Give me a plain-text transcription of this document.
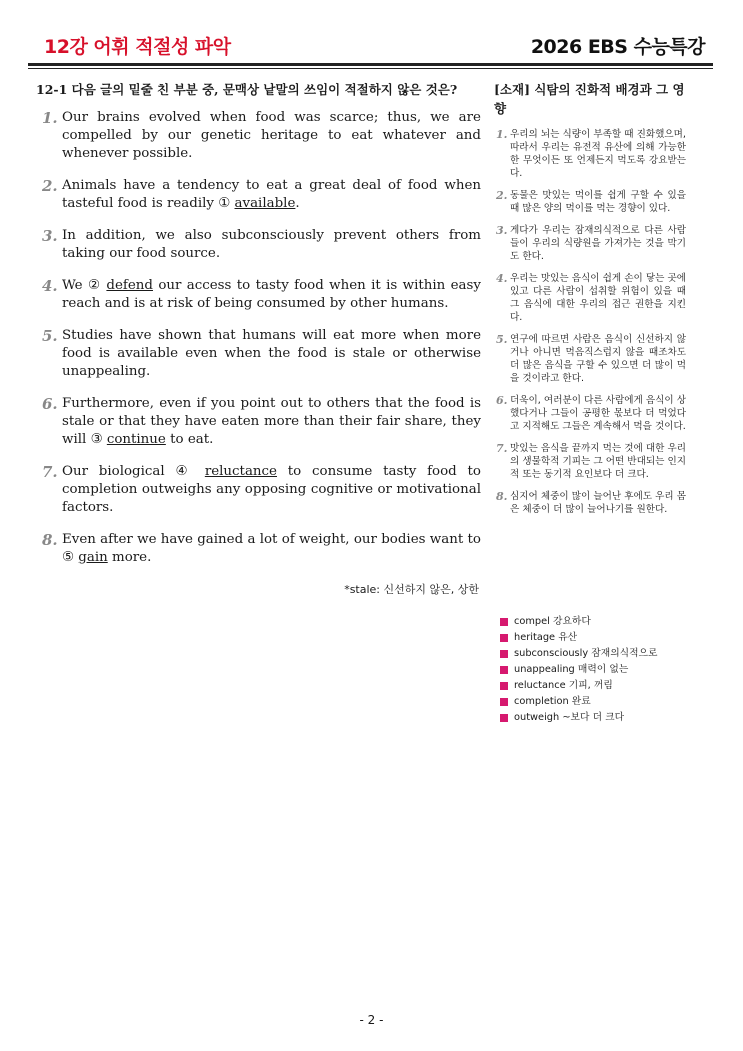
12강 어휘 적절성 파악	2026 EBS 수능특강
12-1 다음 글의 밑줄 친 부분 중, 문맥상 낱말의 쓰임이 적절하지 않은 것은?
1. Our brains evolved when food was scarce; thus, we are compelled by our genetic heritage to eat whatever and whenever possible.
2. Animals have a tendency to eat a great deal of food when tasteful food is readily ① available.
3. In addition, we also subconsciously prevent others from taking our food source.
4. We ② defend our access to tasty food when it is within easy reach and is at risk of being consumed by other humans.
5. Studies have shown that humans will eat more when more food is available even when the food is stale or otherwise unappealing.
6. Furthermore, even if you point out to others that the food is stale or that they have eaten more than their fair share, they will ③ continue to eat.
7. Our biological ④ reluctance to consume tasty food to completion outweighs any opposing cognitive or motivational factors.
8. Even after we have gained a lot of weight, our bodies want to ⑤ gain more.
*stale: 신선하지 않은, 상한
[소재] 식탐의 진화적 배경과 그 영향
1. 우리의 뇌는 식량이 부족할 때 진화했으며, 따라서 우리는 유전적 유산에 의해 가능한 한 무엇이든 또 언제든지 먹도록 강요받는다.
2. 동물은 맛있는 먹이를 쉽게 구할 수 있을 때 많은 양의 먹이를 먹는 경향이 있다.
3. 게다가 우리는 잠재의식적으로 다른 사람들이 우리의 식량원을 가져가는 것을 막기도 한다.
4. 우리는 맛있는 음식이 쉽게 손이 닿는 곳에 있고 다른 사람이 섭취할 위험이 있을 때 그 음식에 대한 우리의 접근 권한을 지킨다.
5. 연구에 따르면 사람은 음식이 신선하지 않거나 아니면 먹음직스럽지 않을 때조차도 더 많은 음식을 구할 수 있으면 더 많이 먹을 것이라고 한다.
6. 더욱이, 여러분이 다른 사람에게 음식이 상했다거나 그들이 공평한 몫보다 더 먹었다고 지적해도 그들은 계속해서 먹을 것이다.
7. 맛있는 음식을 끝까지 먹는 것에 대한 우리의 생물학적 기피는 그 어떤 반대되는 인지적 또는 동기적 요인보다 더 크다.
8. 심지어 체중이 많이 늘어난 후에도 우리 몸은 체중이 더 많이 늘어나기를 원한다.
compel 강요하다
heritage 유산
subconsciously 잠재의식적으로
unappealing 매력이 없는
reluctance 기피, 꺼림
completion 완료
outweigh ~보다 더 크다
- 2 -
